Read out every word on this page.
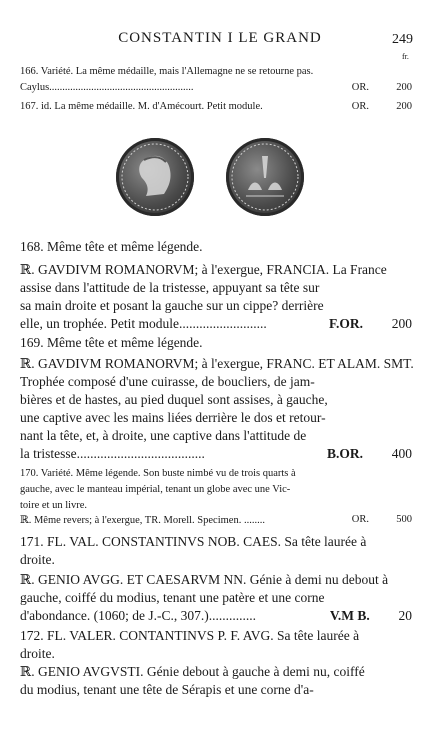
CONSTANTIN I LE GRAND	249
fr.
166. Variété. La même médaille, mais l'Allemagne ne se retourne pas.
Caylus.......................................................	OR.	200
167. id. La même médaille. M. d'Amécourt. Petit module.	OR.	200
168. Même tête et même légende.
ℝ. GAVDIVM ROMANORVM; à l'exergue, FRANCIA. La France
assise dans l'attitude de la tristesse, appuyant sa tête sur
sa main droite et posant la gauche sur un cippe? derrière
elle, un trophée. Petit module..........................	F.OR. 200
169. Même tête et même légende.
ℝ. GAVDIVM ROMANORVM; à l'exergue, FRANC. ET ALAM. SMT.
Trophée composé d'une cuirasse, de boucliers, de jam-
bières et de hastes, au pied duquel sont assises, à gauche,
une captive avec les mains liées derrière le dos et retour-
nant la tête, et, à droite, une captive dans l'attitude de
la tristesse......................................	B.OR. 400
170. Variété. Même légende. Son buste nimbé vu de trois quarts à
gauche, avec le manteau impérial, tenant un globe avec une Vic-
toire et un livre.
ℝ. Même revers; à l'exergue, TR. Morell. Specimen. ........	OR.	500
171. FL. VAL. CONSTANTINVS NOB. CAES. Sa tête laurée à
droite.
ℝ. GENIO AVGG. ET CAESARVM NN. Génie à demi nu debout à
gauche, coiffé du modius, tenant une patère et une corne
d'abondance. (1060; de J.-C., 307.)..............	V.M B. 20
172. FL. VALER. CONTANTINVS P. F. AVG. Sa tête laurée à
droite.
ℝ. GENIO AVGVSTI. Génie debout à gauche à demi nu, coiffé
du modius, tenant une tête de Sérapis et une corne d'a-
